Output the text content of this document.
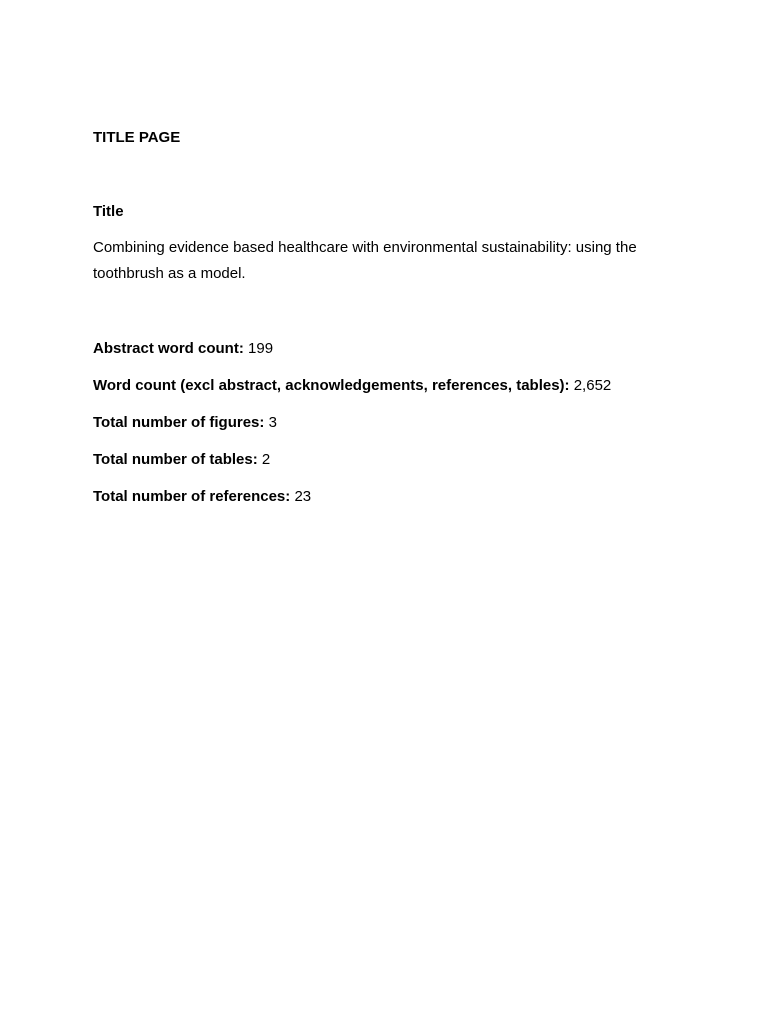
TITLE PAGE

Title

Combining evidence based healthcare with environmental sustainability: using the toothbrush as a model.

Abstract word count: 199

Word count (excl abstract, acknowledgements, references, tables): 2,652

Total number of figures: 3

Total number of tables: 2

Total number of references: 23
